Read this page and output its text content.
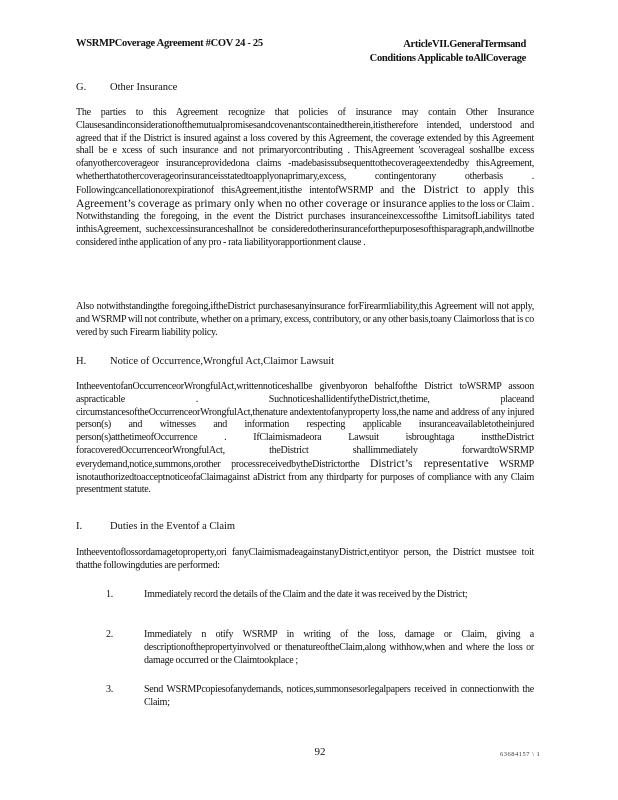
WSRMPCoverage Agreement #COV 24 - 25	ArticleVII.GeneralTermsand
Conditions Applicable toAllCoverage
G. Other Insurance
The parties to this Agreement recognize that policies of insurance may contain Other Insurance Clausesandinconsiderationofthemutualpromisesandcovenantscontainedtherein,itistherefore intended, understood and agreed that if the District is insured against a loss covered by this Agreement, the coverage extended by this Agreement shall be e xcess of such insurance and not primaryorcontributing . ThisAgreement 'scoverageal soshallbe excess ofanyothercoverageor insuranceprovidedona claims -madebasissubsequenttothecoverageextendedby thisAgreement, whetherthatothercoverageorinsuranceisstatedtoapplyonaprimary,excess, contingentorany otherbasis . Followingcancellationorexpirationof thisAgreement,itisthe intentofWSRMP and the District to apply this Agreement’s coverage as primary only when no other coverage or insurance applies to the loss or Claim . Notwithstanding the foregoing, in the event the District purchases insuranceinexcessofthe LimitsofLiabilitys tated inthisAgreement, suchexcessinsuranceshallnot be consideredotherinsuranceforthepurposesofthisparagraph,andwillnotbe considered inthe application of any pro - rata liabilityorapportionment clause .
Also notwithstandingthe foregoing,iftheDistrict purchasesanyinsurance forFirearmliability,this Agreement will not apply, and WSRMP will not contribute, whether on a primary, excess, contributory, or any other basis,toany Claimorloss that is co vered by such Firearm liability policy.
H. Notice of Occurrence,Wrongful Act,Claimor Lawsuit
IntheeventofanOccurrenceorWrongfulAct,writtennoticeshallbe givenbyoron behalfofthe District toWSRMP assoon aspracticable . SuchnoticeshallidentifytheDistrict,thetime, placeand circumstancesoftheOccurrenceorWrongfulAct,thenature andextentofanyproperty loss,the name and address of any injured person(s) and witnesses and information respecting applicable insuranceavailabletotheinjured person(s)atthetimeofOccurrence . IfClaimismadeora Lawsuit isbroughtaga insttheDistrict foracoveredOccurrenceorWrongfulAct, theDistrict shallimmediately forwardtoWSRMP everydemand,notice,summons,orother processreceivedbytheDistrictorthe District’s representative WSRMP isnotauthorizedtoacceptnoticeofaClaimagainst aDistrict from any thirdparty for purposes of compliance with any Claim presentment statute.
I.	Duties in the Eventof a Claim
Intheeventoflossordamagetoproperty,ori fanyClaimismadeagainstanyDistrict,entityor person, the District mustsee toit thatthe followingduties are performed:
1.	Immediately record the details of the Claim and the date it was received by the District;
2.	Immediately n otify WSRMP in writing of the loss, damage or Claim, giving a descriptionofthepropertyinvolved or thenatureoftheClaim,along withhow,when and where the loss or damage occurred or the Claimtookplace ;
3.	Send WSRMPcopiesofanydemands, notices,summonsesorlegalpapers received in connectionwith the Claim;
92	63684157 \ 1
